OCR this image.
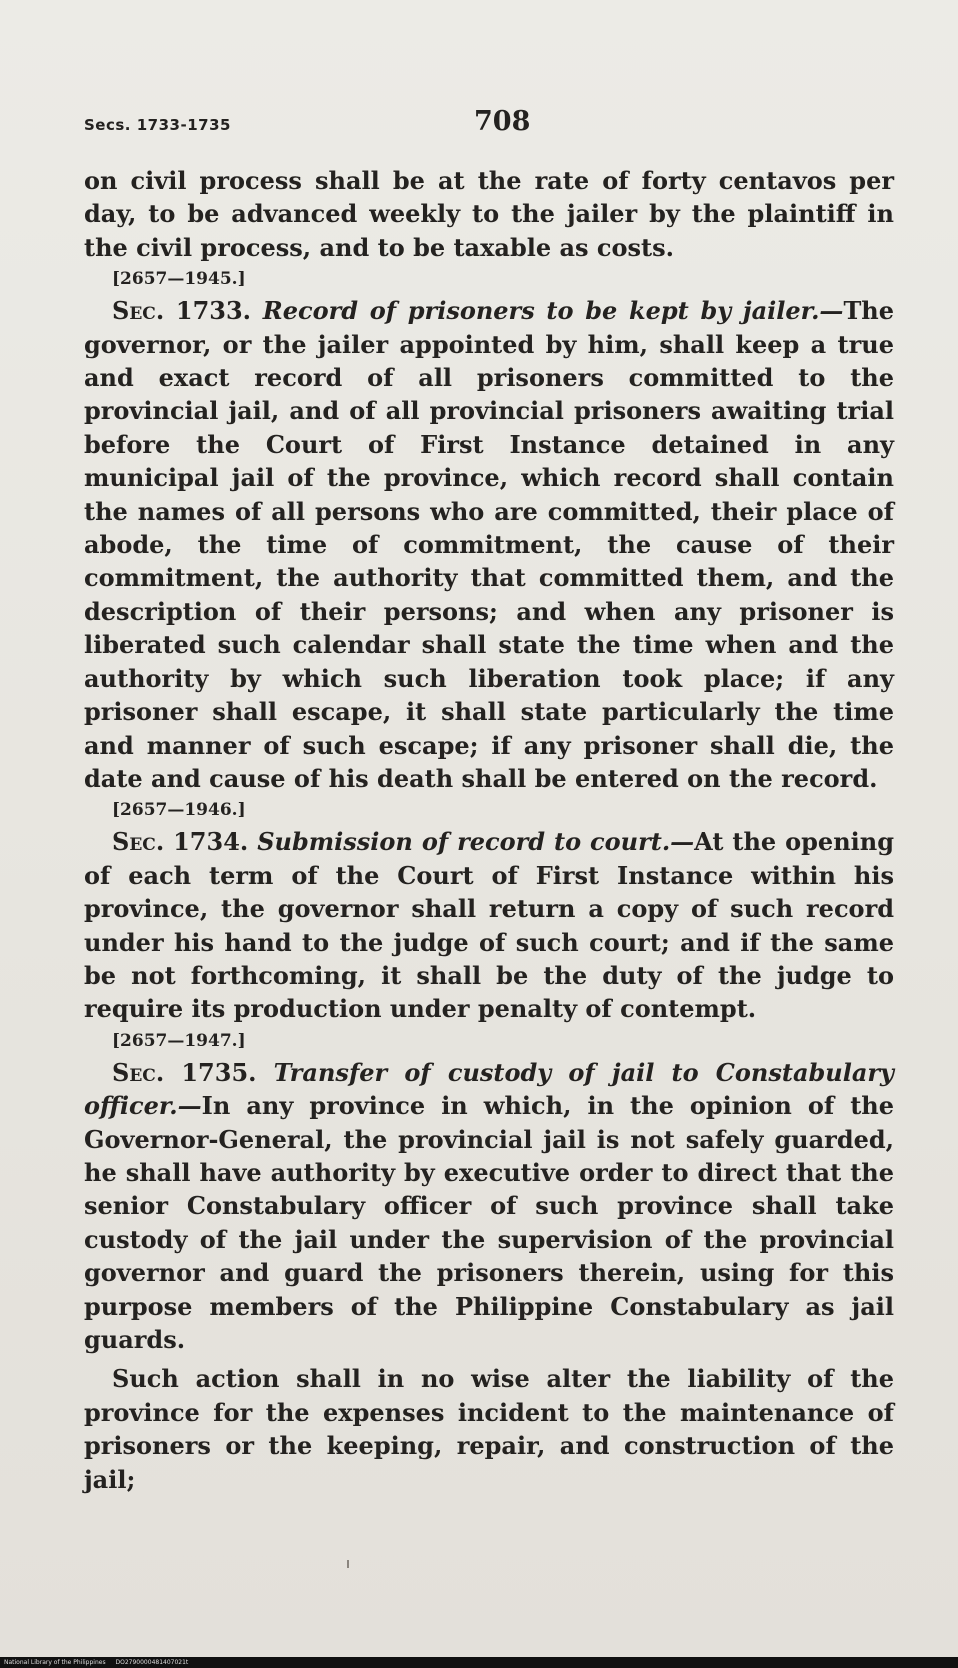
Secs. 1733-1735	708

on civil process shall be at the rate of forty centavos per day, to be advanced weekly to the jailer by the plaintiff in the civil process, and to be taxable as costs.

[2657—1945.]

Sec. 1733. Record of prisoners to be kept by jailer.—The governor, or the jailer appointed by him, shall keep a true and exact record of all prisoners committed to the provincial jail, and of all provincial prisoners awaiting trial before the Court of First Instance detained in any municipal jail of the province, which record shall contain the names of all persons who are committed, their place of abode, the time of commitment, the cause of their commitment, the authority that committed them, and the description of their persons; and when any prisoner is liberated such calendar shall state the time when and the authority by which such liberation took place; if any prisoner shall escape, it shall state particularly the time and manner of such escape; if any prisoner shall die, the date and cause of his death shall be entered on the record.

[2657—1946.]

Sec. 1734. Submission of record to court.—At the opening of each term of the Court of First Instance within his province, the governor shall return a copy of such record under his hand to the judge of such court; and if the same be not forthcoming, it shall be the duty of the judge to require its production under penalty of contempt.

[2657—1947.]

Sec. 1735. Transfer of custody of jail to Constabulary officer.—In any province in which, in the opinion of the Governor-General, the provincial jail is not safely guarded, he shall have authority by executive order to direct that the senior Constabulary officer of such province shall take custody of the jail under the supervision of the provincial governor and guard the prisoners therein, using for this purpose members of the Philippine Constabulary as jail guards.

Such action shall in no wise alter the liability of the province for the expenses incident to the maintenance of prisoners or the keeping, repair, and construction of the jail;

National Library of the Philippines DO2790000481407021t
